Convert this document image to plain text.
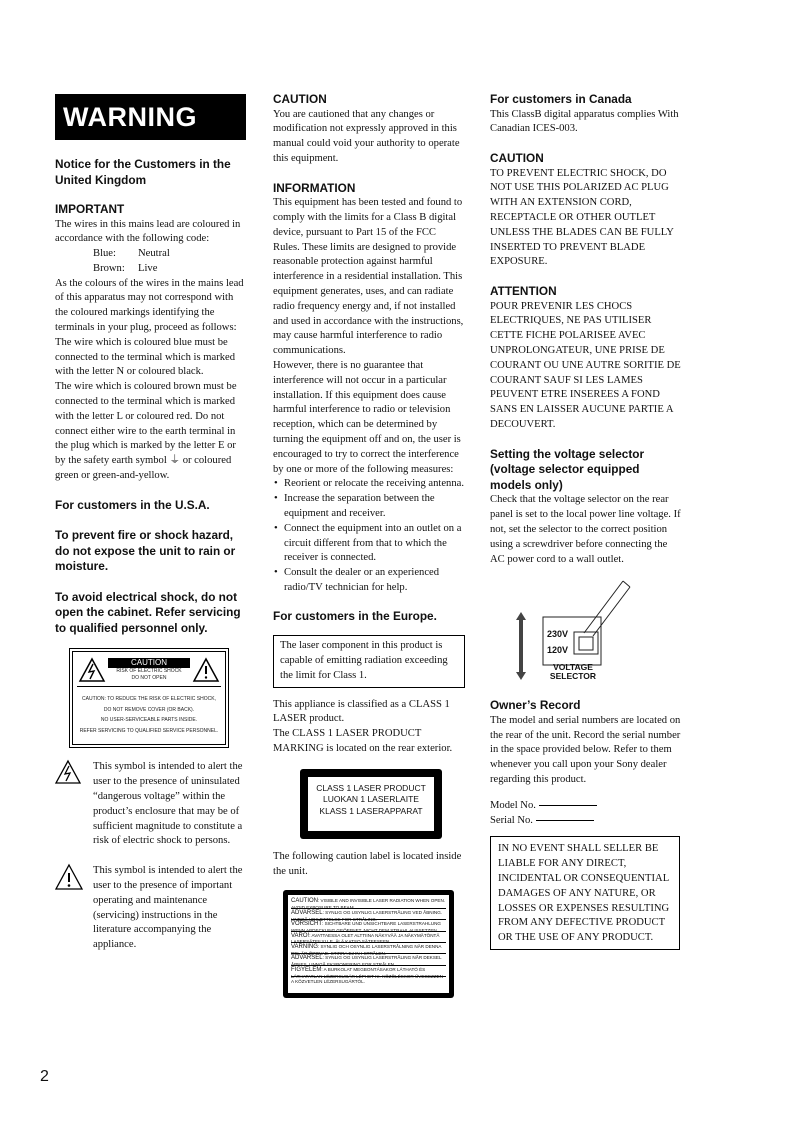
WARNING
Notice for the Customers in the United Kingdom
IMPORTANT

The wires in this mains lead are coloured in accordance with the following code:

Blue: Neutral

Brown: Live

As the colours of the wires in the mains lead of this apparatus may not correspond with the coloured markings identifying the terminals in your plug, proceed as follows:

The wire which is coloured blue must be connected to the terminal which is marked with the letter N or coloured black.

The wire which is coloured brown must be connected to the terminal which is marked with the letter L or coloured red. Do not connect either wire to the earth terminal in the plug which is marked by the letter E or by the safety earth symbol ⏚ or coloured green or green-and-yellow.

For customers in the U.S.A.
To prevent fire or shock hazard, do not expose the unit to rain or moisture.
To avoid electrical shock, do not open the cabinet. Refer servicing to qualified personnel only.
CAUTION
RISK OF ELECTRIC SHOCK
DO NOT OPEN
CAUTION: TO REDUCE THE RISK OF ELECTRIC SHOCK,
DO NOT REMOVE COVER (OR BACK).
NO USER-SERVICEABLE PARTS INSIDE.
REFER SERVICING TO QUALIFIED SERVICE PERSONNEL.

This symbol is intended to alert the user to the presence of uninsulated “dangerous voltage” within the product’s enclosure that may be of sufficient magnitude to constitute a risk of electric shock to persons.

This symbol is intended to alert the user to the presence of important operating and maintenance (servicing) instructions in the literature accompanying the appliance.

CAUTION

You are cautioned that any changes or modification not expressly approved in this manual could void your authority to operate this equipment.

INFORMATION

This equipment has been tested and found to comply with the limits for a Class B digital device, pursuant to Part 15 of the FCC Rules. These limits are designed to provide reasonable protection against harmful interference in a residential installation. This equipment generates, uses, and can radiate radio frequency energy and, if not installed and used in accordance with the instructions, may cause harmful interference to radio communications.

However, there is no guarantee that interference will not occur in a particular installation. If this equipment does cause harmful interference to radio or television reception, which can be determined by turning the equipment off and on, the user is encouraged to try to correct the interference by one or more of the following measures:

• Reorient or relocate the receiving antenna.
• Increase the separation between the equipment and receiver.
• Connect the equipment into an outlet on a circuit different from that to which the receiver is connected.
• Consult the dealer or an experienced radio/TV technician for help.
For customers in the Europe.

The laser component in this product is capable of emitting radiation exceeding the limit for Class 1.

This appliance is classified as a CLASS 1 LASER product.

The CLASS 1 LASER PRODUCT MARKING is located on the rear exterior.

CLASS 1 LASER PRODUCT
LUOKAN 1 LASERLAITE
KLASS 1 LASERAPPARAT

The following caution label is located inside the unit.

CAUTION: VISIBLE AND INVISIBLE LASER RADIATION WHEN OPEN. AVOID EXPOSURE TO BEAM.
ADVARSEL: SYNLIG OG USYNLIG LASERSTRÅLING VED ÅBNING. UNDGÅ UDSÆTTELSE FOR STRÅLING.
VORSICHT: SICHTBARE UND UNSICHTBARE LASERSTRAHLUNG WENN ABDECKUNG GEÖFFNET. NICHT DEM STRAHL AUSSETZEN.
VARO!: AVATTAESSA OLET ALTTIINA NÄKYVÄÄ JA NÄKYMÄTÖNTÄ LASERSÄTEILYLLE. ÄLÄ KATSO SÄTEESEEN.
VARNING: SYNLIG OCH OSYNLIG LASERSTRÅLNING NÄR DENNA DEL ÄR ÖPPNAD. STIRRA EJ IN I STRÅLEN.
ADVARSEL: SYNLIG OG USYNLIG LASERSTRÅLING NÅR DEKSEL ÅPNES. UNNGÅ EKSPONERING FOR STRÅLEN.
FIGYELEM: A BURKOLAT MEGBONTÁSAKOR LÁTHATÓ ÉS LÁTHATATLAN LÉZERSUGÁR LÉPHET KI. KÖZÖLÉSKOR ÜVEGEZZEN A KÖZVETLEN LÉZERSUGÁRTÓL.
For customers in Canada

This ClassB digital apparatus complies With Canadian ICES-003.

CAUTION

TO PREVENT ELECTRIC SHOCK, DO NOT USE THIS POLARIZED AC PLUG WITH AN EXTENSION CORD, RECEPTACLE OR OTHER OUTLET UNLESS THE BLADES CAN BE FULLY INSERTED TO PREVENT BLADE EXPOSURE.

ATTENTION

POUR PREVENIR LES CHOCS ELECTRIQUES, NE PAS UTILISER CETTE FICHE POLARISEE AVEC UNPROLONGATEUR, UNE PRISE DE COURANT OU UNE AUTRE SORITIE DE COURANT SAUF SI LES LAMES PEUVENT ETRE INSEREES A FOND SANS EN LAISSER AUCUNE PARTIE A DECOUVERT.

Setting the voltage selector (voltage selector equipped models only)

Check that the voltage selector on the rear panel is set to the local power line voltage. If not, set the selector to the correct position using a screwdriver before connecting the AC power cord to a wall outlet.

230V
120V
VOLTAGE SELECTOR
Owner’s Record

The model and serial numbers are located on the rear of the unit. Record the serial number in the space provided below. Refer to them whenever you call upon your Sony dealer regarding this product.

Model No.

Serial No.

IN NO EVENT SHALL SELLER BE LIABLE FOR ANY DIRECT, INCIDENTAL OR CONSEQUENTIAL DAMAGES OF ANY NATURE, OR LOSSES OR EXPENSES RESULTING FROM ANY DEFECTIVE PRODUCT OR THE USE OF ANY PRODUCT.

2
